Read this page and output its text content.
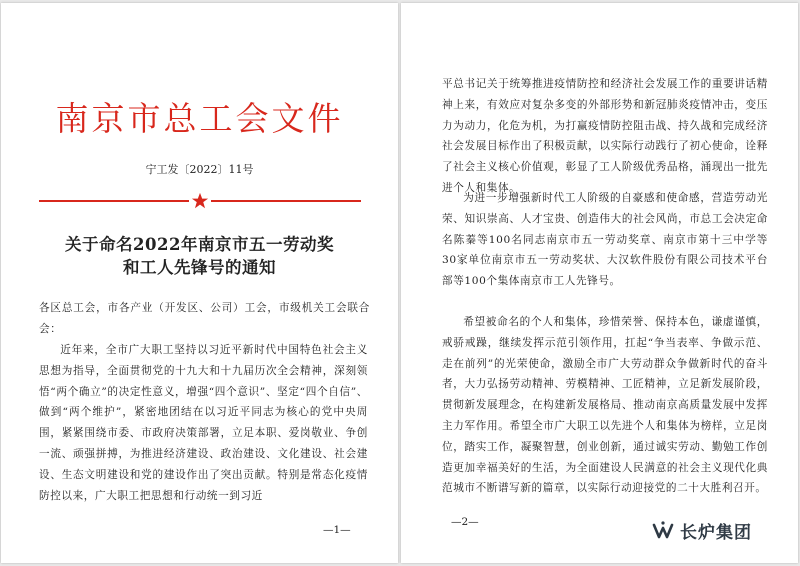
南京市总工会文件
宁工发〔2022〕11号
关于命名2022年南京市五一劳动奖
和工人先锋号的通知
各区总工会，市各产业（开发区、公司）工会，市级机关工会联合会：
近年来，全市广大职工坚持以习近平新时代中国特色社会主义思想为指导，全面贯彻党的十九大和十九届历次全会精神，深刻领悟“两个确立”的决定性意义，增强“四个意识”、坚定“四个自信”、做到“两个维护”，紧密地团结在以习近平同志为核心的党中央周围，紧紧围绕市委、市政府决策部署，立足本职、爱岗敬业、争创一流、顽强拼搏，为推进经济建设、政治建设、文化建设、社会建设、生态文明建设和党的建设作出了突出贡献。特别是常态化疫情防控以来，广大职工把思想和行动统一到习近
—1—
平总书记关于统筹推进疫情防控和经济社会发展工作的重要讲话精神上来，有效应对复杂多变的外部形势和新冠肺炎疫情冲击，变压力为动力，化危为机，为打赢疫情防控阻击战、持久战和完成经济社会发展目标作出了积极贡献，以实际行动践行了初心使命，诠释了社会主义核心价值观，彰显了工人阶级优秀品格，涌现出一批先进个人和集体。
为进一步增强新时代工人阶级的自豪感和使命感，营造劳动光荣、知识崇高、人才宝贵、创造伟大的社会风尚，市总工会决定命名陈蓁等100名同志南京市五一劳动奖章、南京市第十三中学等30家单位南京市五一劳动奖状、大汉软件股份有限公司技术平台部等100个集体南京市工人先锋号。
希望被命名的个人和集体，珍惜荣誉、保持本色，谦虚谨慎，戒骄戒躁，继续发挥示范引领作用，扛起“争当表率、争做示范、走在前列”的光荣使命，激励全市广大劳动群众争做新时代的奋斗者，大力弘扬劳动精神、劳模精神、工匠精神，立足新发展阶段，贯彻新发展理念，在构建新发展格局、推动南京高质量发展中发挥主力军作用。希望全市广大职工以先进个人和集体为榜样，立足岗位，踏实工作，凝聚智慧，创业创新，通过诚实劳动、勤勉工作创造更加幸福美好的生活，为全面建设人民满意的社会主义现代化典范城市不断谱写新的篇章，以实际行动迎接党的二十大胜利召开。
—2—
长炉集团
